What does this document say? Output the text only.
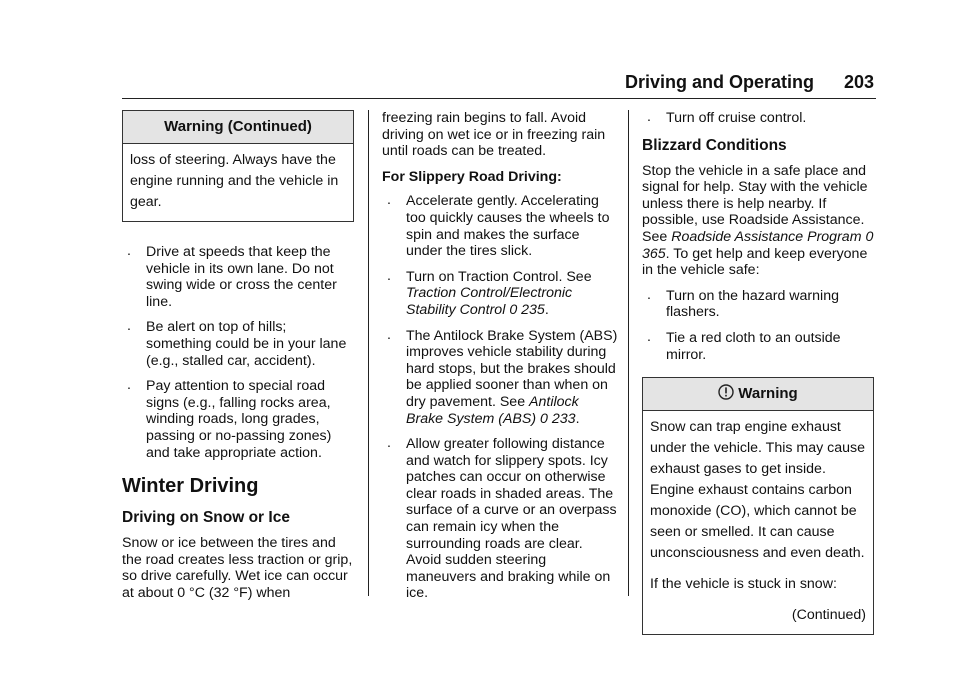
Driving and Operating 203
Warning (Continued)

loss of steering. Always have the engine running and the vehicle in gear.

. Drive at speeds that keep the vehicle in its own lane. Do not swing wide or cross the center line.
. Be alert on top of hills; something could be in your lane (e.g., stalled car, accident).
. Pay attention to special road signs (e.g., falling rocks area, winding roads, long grades, passing or no-passing zones) and take appropriate action.
Winter Driving
Driving on Snow or Ice

Snow or ice between the tires and the road creates less traction or grip, so drive carefully. Wet ice can occur at about 0 °C (32 °F) when

freezing rain begins to fall. Avoid driving on wet ice or in freezing rain until roads can be treated.

For Slippery Road Driving:

. Accelerate gently. Accelerating too quickly causes the wheels to spin and makes the surface under the tires slick.
. Turn on Traction Control. See Traction Control/Electronic Stability Control 0 235.
. The Antilock Brake System (ABS) improves vehicle stability during hard stops, but the brakes should be applied sooner than when on dry pavement. See Antilock Brake System (ABS) 0 233.
. Allow greater following distance and watch for slippery spots. Icy patches can occur on otherwise clear roads in shaded areas. The surface of a curve or an overpass can remain icy when the surrounding roads are clear. Avoid sudden steering maneuvers and braking while on ice.
. Turn off cruise control.
Blizzard Conditions

Stop the vehicle in a safe place and signal for help. Stay with the vehicle unless there is help nearby. If possible, use Roadside Assistance. See Roadside Assistance Program 0 365. To get help and keep everyone in the vehicle safe:

. Turn on the hazard warning flashers.
. Tie a red cloth to an outside mirror.
Warning

Snow can trap engine exhaust under the vehicle. This may cause exhaust gases to get inside. Engine exhaust contains carbon monoxide (CO), which cannot be seen or smelled. It can cause unconsciousness and even death.

If the vehicle is stuck in snow:

(Continued)
